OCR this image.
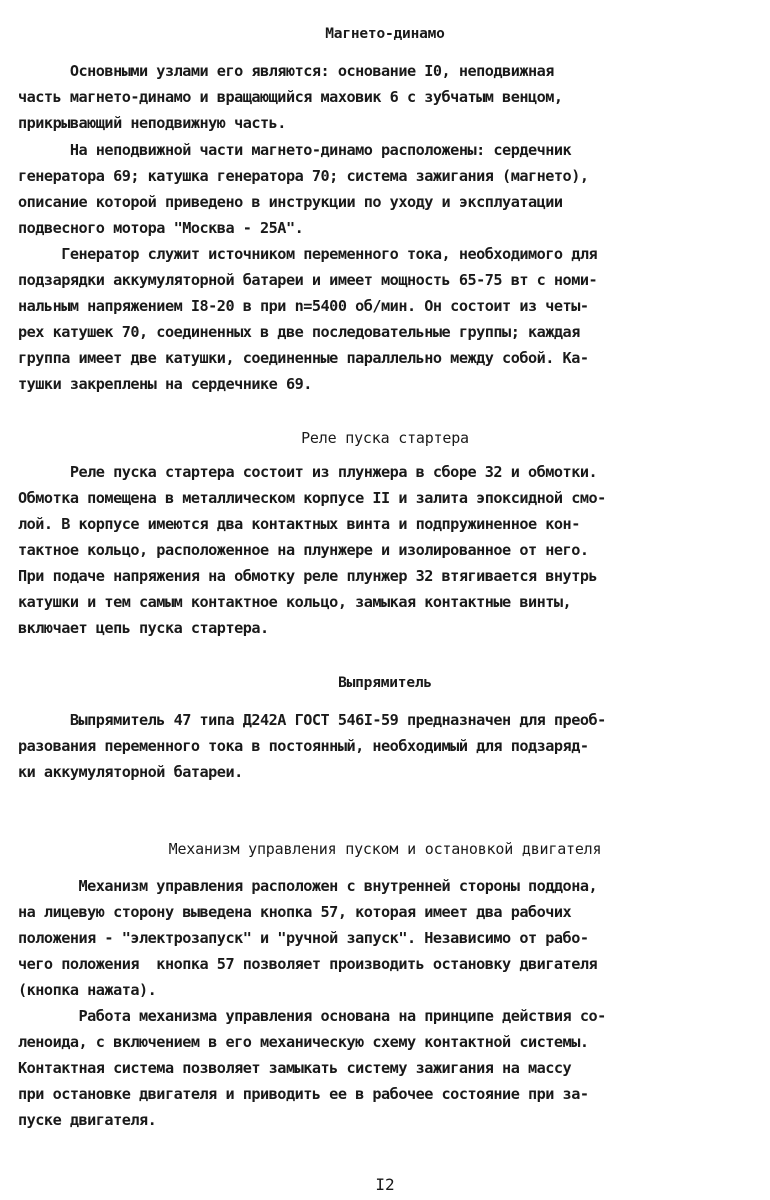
Магнето-динамо
Основными узлами его являются: основание I0, неподвижная
часть магнето-динамо и вращающийся маховик 6 с зубчатым венцом,
прикрывающий неподвижную часть.
На неподвижной части магнето-динамо расположены: сердечник
генератора 69; катушка генератора 70; система зажигания (магнето),
описание которой приведено в инструкции по уходу и эксплуатации
подвесного мотора "Москва - 25А".
Генератор служит источником переменного тока, необходимого для
подзарядки аккумуляторной батареи и имеет мощность 65-75 вт с номи-
нальным напряжением I8-20 в при n=5400 об/мин. Он состоит из четы-
рех катушек 70, соединенных в две последовательные группы; каждая
группа имеет две катушки, соединенные параллельно между собой. Ка-
тушки закреплены на сердечнике 69.
Реле пуска стартера
Реле пуска стартера состоит из плунжера в сборе 32 и обмотки.
Обмотка помещена в металлическом корпусе II и залита эпоксидной смо-
лой. В корпусе имеются два контактных винта и подпружиненное кон-
тактное кольцо, расположенное на плунжере и изолированное от него.
При подаче напряжения на обмотку реле плунжер 32 втягивается внутрь
катушки и тем самым контактное кольцо, замыкая контактные винты,
включает цепь пуска стартера.
Выпрямитель
Выпрямитель 47 типа Д242А ГОСТ 546I-59 предназначен для преоб-
разования переменного тока в постоянный, необходимый для подзаряд-
ки аккумуляторной батареи.
Механизм управления пуском и остановкой двигателя
Механизм управления расположен с внутренней стороны поддона,
на лицевую сторону выведена кнопка 57, которая имеет два рабочих
положения - "электрозапуск" и "ручной запуск". Независимо от рабо-
чего положения  кнопка 57 позволяет производить остановку двигателя
(кнопка нажата).
Работа механизма управления основана на принципе действия со-
леноида, с включением в его механическую схему контактной системы.
Контактная система позволяет замыкать систему зажигания на массу
при остановке двигателя и приводить ее в рабочее состояние при за-
пуске двигателя.
I2
